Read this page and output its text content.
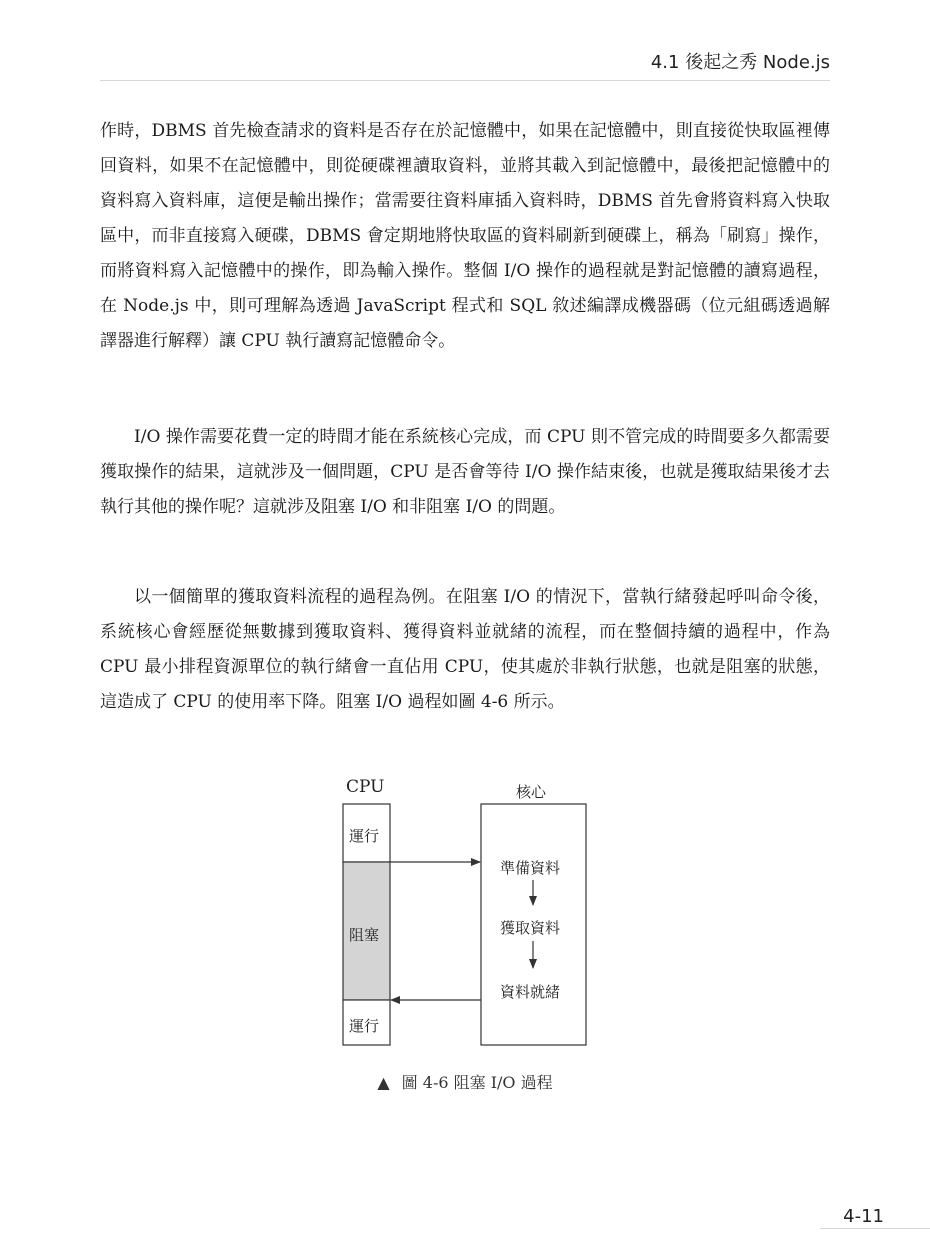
4.1 後起之秀 Node.js

作時，DBMS 首先檢查請求的資料是否存在於記憶體中，如果在記憶體中，則直接從快取區裡傳回資料，如果不在記憶體中，則從硬碟裡讀取資料，並將其載入到記憶體中，最後把記憶體中的資料寫入資料庫，這便是輸出操作；當需要往資料庫插入資料時，DBMS 首先會將資料寫入快取區中，而非直接寫入硬碟，DBMS 會定期地將快取區的資料刷新到硬碟上，稱為「刷寫」操作，而將資料寫入記憶體中的操作，即為輸入操作。整個 I/O 操作的過程就是對記憶體的讀寫過程，在 Node.js 中，則可理解為透過 JavaScript 程式和 SQL 敘述編譯成機器碼（位元組碼透過解譯器進行解釋）讓 CPU 執行讀寫記憶體命令。

I/O 操作需要花費一定的時間才能在系統核心完成，而 CPU 則不管完成的時間要多久都需要獲取操作的結果，這就涉及一個問題，CPU 是否會等待 I/O 操作結束後，也就是獲取結果後才去執行其他的操作呢？這就涉及阻塞 I/O 和非阻塞 I/O 的問題。

以一個簡單的獲取資料流程的過程為例。在阻塞 I/O 的情況下，當執行緒發起呼叫命令後，系統核心會經歷從無數據到獲取資料、獲得資料並就緒的流程，而在整個持續的過程中，作為 CPU 最小排程資源單位的執行緒會一直佔用 CPU，使其處於非執行狀態，也就是阻塞的狀態，這造成了 CPU 的使用率下降。阻塞 I/O 過程如圖 4-6 所示。

CPU	核心
運行
阻塞
運行
準備資料
獲取資料
資料就緒
▲ 圖 4-6 阻塞 I/O 過程
4-11
